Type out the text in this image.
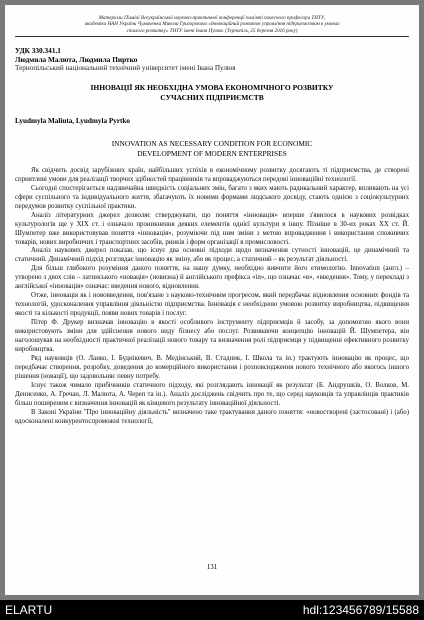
Матеріали ІТиміої Всеукраїнської науково-практичної конференції пам'яті почесного професора ТНТУ,
академіка НАН України Чумаченка Миколи Григоровича «Інноваційний розвиток управління підприємством в умовах
сталого розвитку» ТНТУ імені Івана Пулюя. (Тернопіль, 25 березня 2016 року)
УДК 330.341.1
Людмила Малюта, Людмила Пиртко
Тернопільський національний технічний університет імені Івана Пулюя
ІННОВАЦІЇ ЯК НЕОБХІДНА УМОВА ЕКОНОМІЧНОГО РОЗВИТКУ
СУЧАСНИХ ПІДПРИЄМСТВ
Lyudmyla Maliuta, Lyudmyla Pyrtko
INNOVATION AS NECESSARY CONDITION FOR ECONOMIC
DEVELOPMENT OF MODERN ENTERPRISES

Як свідчить досвід зарубіжних країн, найбільших успіхів в економічному розвитку досягають ті підприємства, де створені сприятливі умови для реалізації творчих здібностей працівників та впроваджуються передові інноваційні технології.

Сьогодні спостерігається надзвичайна швидкість соціальних змін, багато з яких мають радикальний характер, впливають на усі сфери суспільного та індивідуального життя, збагачують їх новими формами людського досвіду, стають однією з соціокультурних передумов розвитку суспільної практики.

Аналіз літературних джерел дозволяє стверджувати, що поняття «інновація» вперше з'явилося в наукових розвідках культурологів ще у XIX ст. і означало проникнення деяких елементів однієї культури в іншу. Пізніше в 30-их роках ХХ ст. Й. Шумпетер вже використовував поняття «інновація», розуміючи під ним зміни з метою впровадження і використання споживчих товарів, нових виробничих і транспортних засобів, ринків і форм організації в промисловості.

Аналіз наукових джерел показав, що існує два основні підходи щодо визначення сутності інновацій, це динамічний та статичний. Динамічний підхід розглядає інновацію як зміну, або як процес, а статичний – як результат діяльності.

Для більш глибокого розуміння даного поняття, на нашу думку, необхідно вивчити його етимологію. Innovation (англ.) – утворено з двох слів – латинського «новація» (новизна) й англійського префікса «in», що означає «в», «введення». Тому, у перекладі з англійської «інновація» означає: введення нового, відновлення.

Отже, інновація як і нововведення, пов'язане з науково-технічним прогресом, який передбачає відновлення основних фондів та технологій, удосконалення управління діяльністю підприємства. Інновація є необхідною умовою розвитку виробництва, підвищення якості та кількості продукції, появи нових товарів і послуг.

Пітер Ф. Друкер визначав інновацію в якості особливого інструменту підприємців й засобу, за допомогою якого вони використовують зміни для здійснення нового виду бізнесу або послуг. Розвиваючи концепцію інновацій Й. Шумпетера, він наголошував на необхідності практичної реалізації нового товару та визначення ролі підприємця у підвищенні ефективного розвитку виробництва.

Ряд науковців (О. Ланко, І. Буднікевич, В. Медінський, В. Стадник, І. Школа та ін.) трактують інновацію як процес, що передбачає створення, розробку, доведення до комерційного використання і розповсюдження нового технічного або якогось іншого рішення (новації), що задовольняє певну потребу.

Існує також чимало прибічників статичного підходу, які розглядають інновації як результат (Б. Андрушків, О. Волков, М. Денисенко, А. Гречан, Л. Малюта, А. Череп та ін.). Аналіз досліджень свідчить про те, що серед науковців та управлінців практиків більш поширеним є визначення інновацій як кінцевого результату інноваційної діяльності.

В Законі України "Про інноваційну діяльність" визначено таке трактування даного поняття: «новостворені (застосовані) і (або) вдосконалені конкурентоспроможні технології,

131
ELARTU	hdl:123456789/15588
